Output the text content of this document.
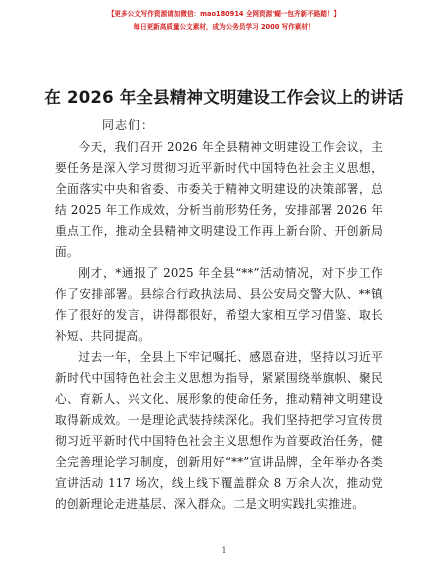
【更多公文写作资源请加微信：mao180914 全网资源'蝴一包齐新不路踏！】
每日更新高质量公文素材，成为公务员学习 2000 写作素材！
在 2026 年全县精神文明建设工作会议上的讲话
同志们：

今天，我们召开 2026 年全县精神文明建设工作会议，主要任务是深入学习贯彻习近平新时代中国特色社会主义思想，全面落实中央和省委、市委关于精神文明建设的决策部署，总结 2025 年工作成效，分析当前形势任务，安排部署 2026 年重点工作，推动全县精神文明建设工作再上新台阶、开创新局面。

刚才，*通报了 2025 年全县“**”活动情况，对下步工作作了安排部署。县综合行政执法局、县公安局交警大队、**镇作了很好的发言，讲得都很好，希望大家相互学习借鉴、取长补短、共同提高。

过去一年，全县上下牢记嘱托、感恩奋进，坚持以习近平新时代中国特色社会主义思想为指导，紧紧围绕举旗帜、聚民心、育新人、兴文化、展形象的使命任务，推动精神文明建设取得新成效。一是理论武装持续深化。我们坚持把学习宣传贯彻习近平新时代中国特色社会主义思想作为首要政治任务，健全完善理论学习制度，创新用好“**”宣讲品牌，全年举办各类宣讲活动 117 场次，线上线下覆盖群众 8 万余人次，推动党的创新理论走进基层、深入群众。二是文明实践扎实推进。

1
